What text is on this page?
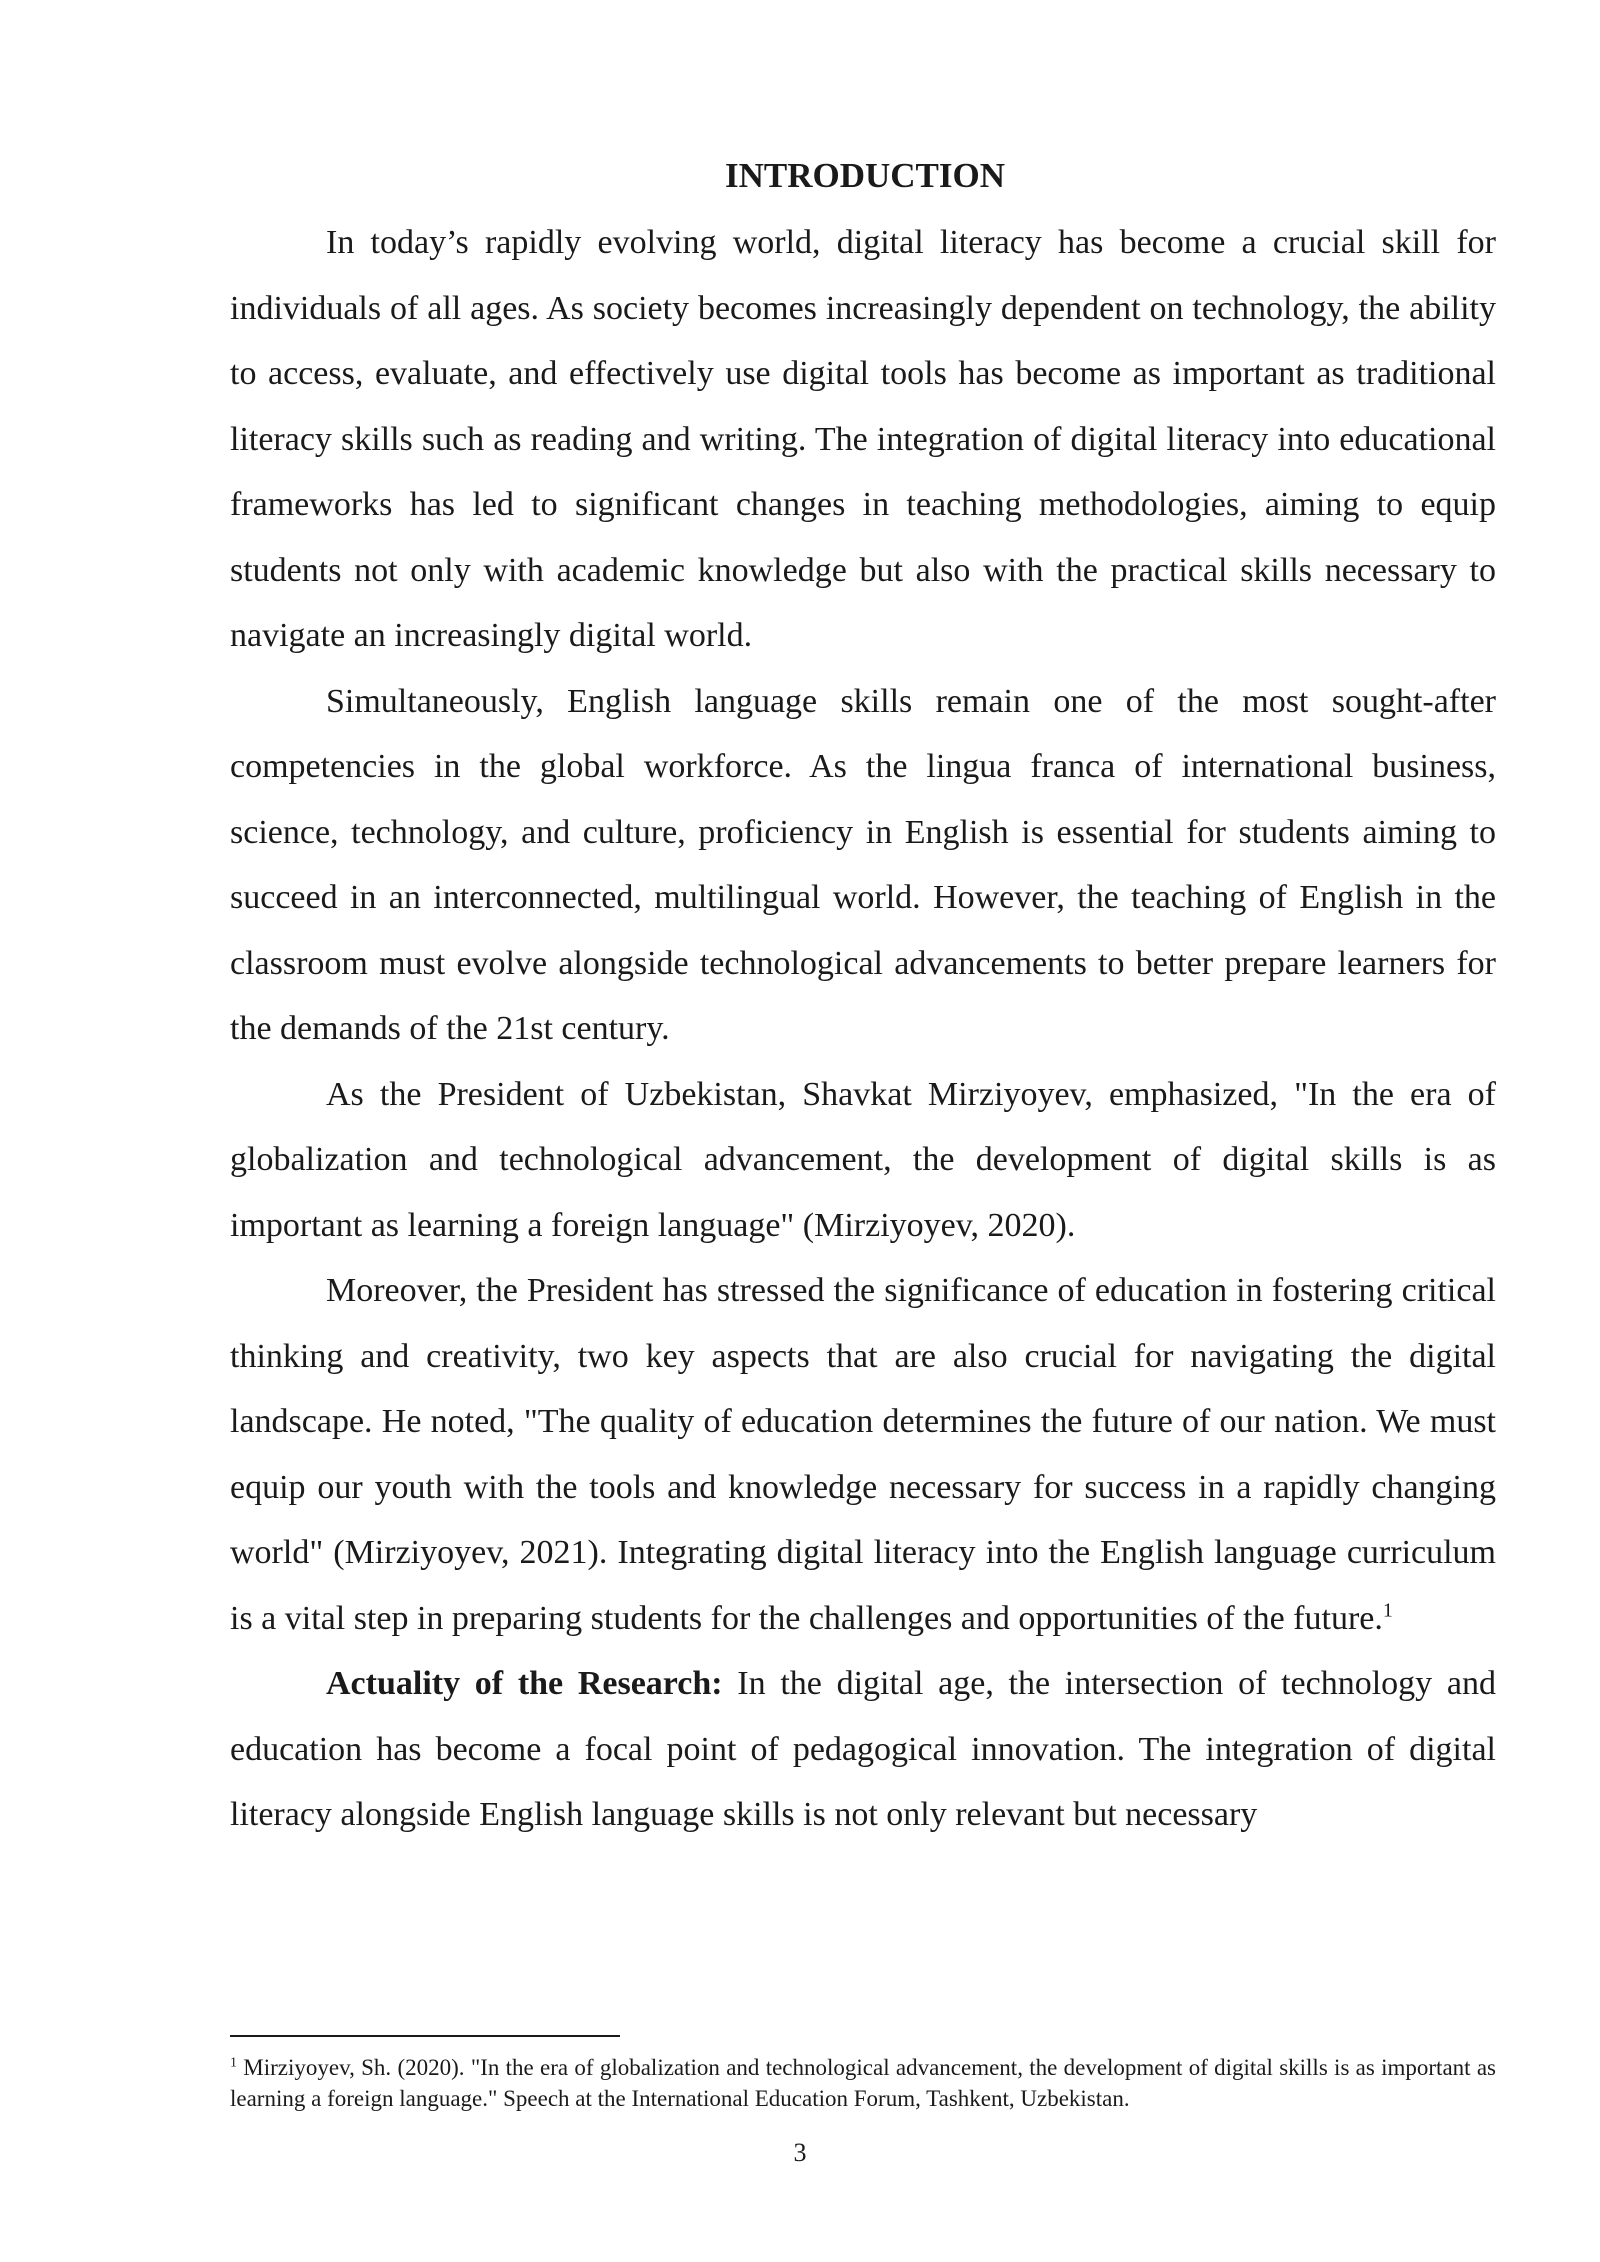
INTRODUCTION

In today’s rapidly evolving world, digital literacy has become a crucial skill for individuals of all ages. As society becomes increasingly dependent on technology, the ability to access, evaluate, and effectively use digital tools has become as important as traditional literacy skills such as reading and writing. The integration of digital literacy into educational frameworks has led to significant changes in teaching methodologies, aiming to equip students not only with academic knowledge but also with the practical skills necessary to navigate an increasingly digital world.

Simultaneously, English language skills remain one of the most sought-after competencies in the global workforce. As the lingua franca of international business, science, technology, and culture, proficiency in English is essential for students aiming to succeed in an interconnected, multilingual world. However, the teaching of English in the classroom must evolve alongside technological advancements to better prepare learners for the demands of the 21st century.

As the President of Uzbekistan, Shavkat Mirziyoyev, emphasized, "In the era of globalization and technological advancement, the development of digital skills is as important as learning a foreign language" (Mirziyoyev, 2020).

Moreover, the President has stressed the significance of education in fostering critical thinking and creativity, two key aspects that are also crucial for navigating the digital landscape. He noted, "The quality of education determines the future of our nation. We must equip our youth with the tools and knowledge necessary for success in a rapidly changing world" (Mirziyoyev, 2021). Integrating digital literacy into the English language curriculum is a vital step in preparing students for the challenges and opportunities of the future.$^1$

Actuality of the Research: In the digital age, the intersection of technology and education has become a focal point of pedagogical innovation. The integration of digital literacy alongside English language skills is not only relevant but necessary

$^1$ Mirziyoyev, Sh. (2020). "In the era of globalization and technological advancement, the development of digital skills is as important as learning a foreign language." Speech at the International Education Forum, Tashkent, Uzbekistan.

3
